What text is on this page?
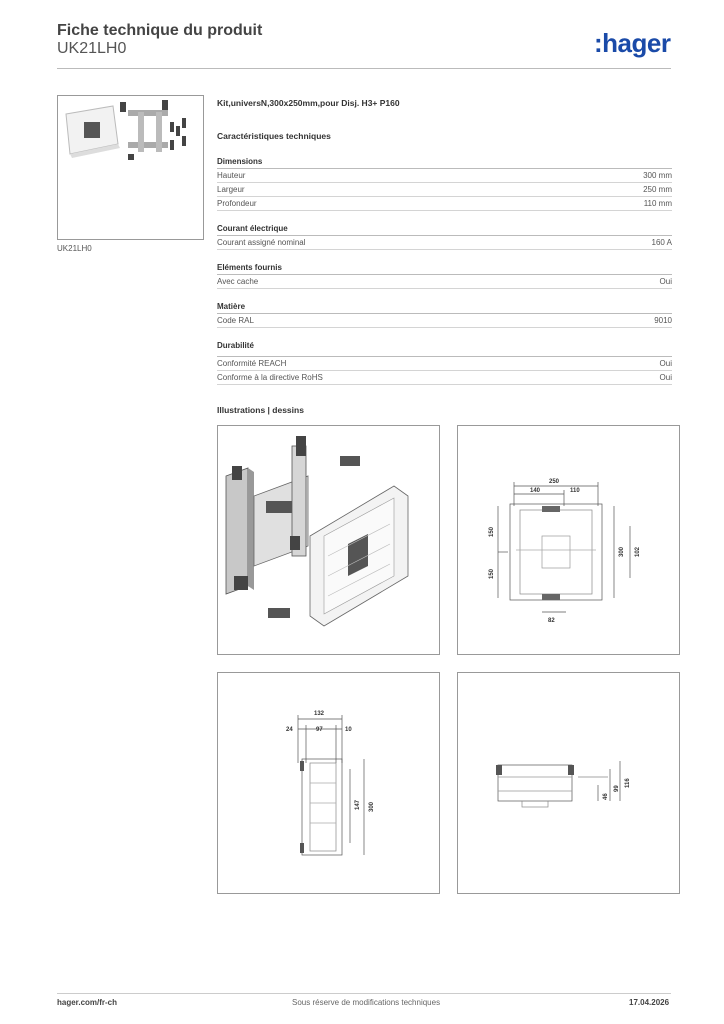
Fiche technique du produit
UK21LH0	:hager
UK21LH0
Kit,universN,300x250mm,pour Disj. H3+ P160
Caractéristiques techniques
Dimensions
Hauteur	300 mm
Largeur	250 mm
Profondeur	110 mm
Courant électrique
Courant assigné nominal	160 A
Eléments fournis
Avec cache	Oui
Matière
Code RAL	9010
Durabilité
Conformité REACH	Oui
Conforme à la directive RoHS	Oui
Illustrations | dessins
250
140	110
150
150
300 102
82
132
24	97	10
147 300
46
99
116
hager.com/fr-ch	Sous réserve de modifications techniques	17.04.2026
